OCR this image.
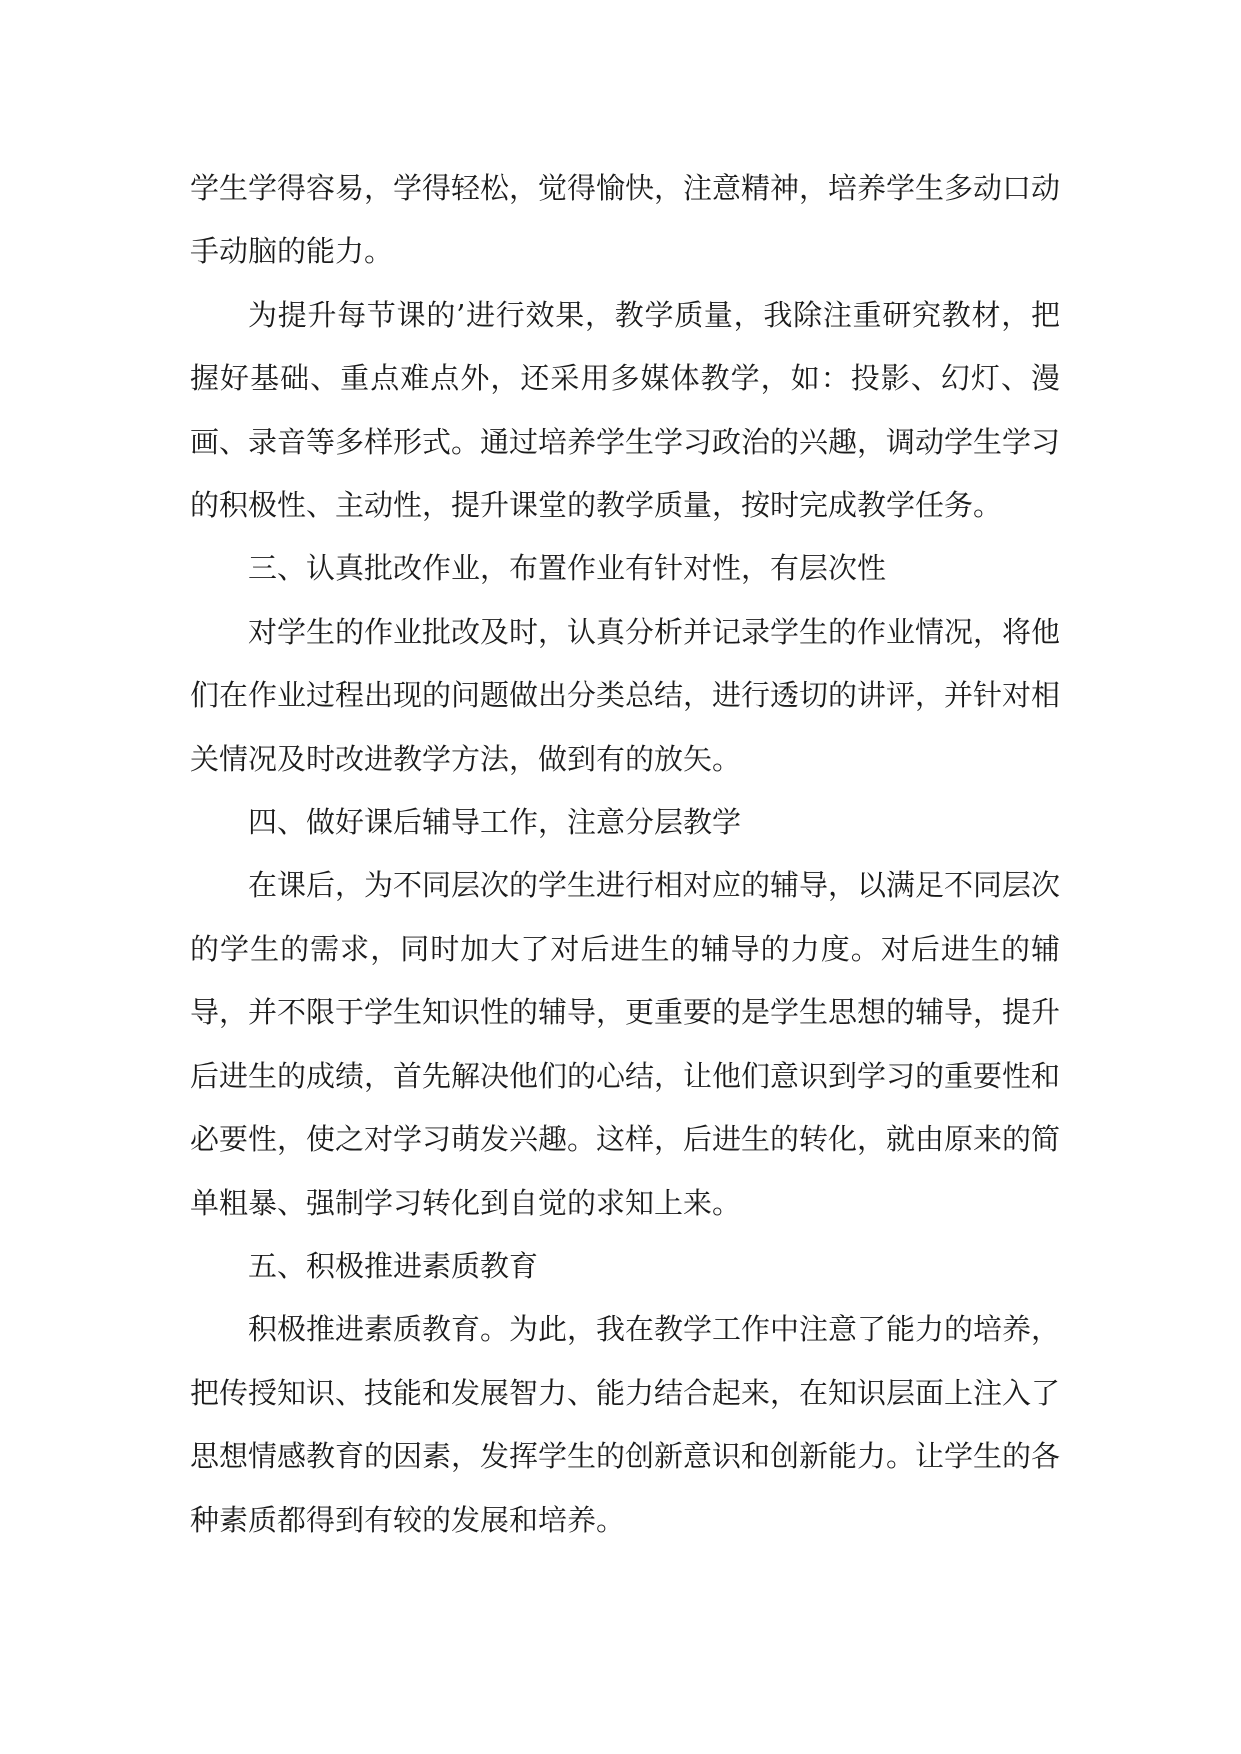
学生学得容易，学得轻松，觉得愉快，注意精神，培养学生多动口动手动脑的能力。

为提升每节课的’进行效果，教学质量，我除注重研究教材，把握好基础、重点难点外，还采用多媒体教学，如：投影、幻灯、漫画、录音等多样形式。通过培养学生学习政治的兴趣，调动学生学习的积极性、主动性，提升课堂的教学质量，按时完成教学任务。

三、认真批改作业，布置作业有针对性，有层次性

对学生的作业批改及时，认真分析并记录学生的作业情况，将他们在作业过程出现的问题做出分类总结，进行透切的讲评，并针对相关情况及时改进教学方法，做到有的放矢。

四、做好课后辅导工作，注意分层教学

在课后，为不同层次的学生进行相对应的辅导，以满足不同层次的学生的需求，同时加大了对后进生的辅导的力度。对后进生的辅导，并不限于学生知识性的辅导，更重要的是学生思想的辅导，提升后进生的成绩，首先解决他们的心结，让他们意识到学习的重要性和必要性，使之对学习萌发兴趣。这样，后进生的转化，就由原来的简单粗暴、强制学习转化到自觉的求知上来。

五、积极推进素质教育

积极推进素质教育。为此，我在教学工作中注意了能力的培养，把传授知识、技能和发展智力、能力结合起来，在知识层面上注入了思想情感教育的因素，发挥学生的创新意识和创新能力。让学生的各种素质都得到有较的发展和培养。
